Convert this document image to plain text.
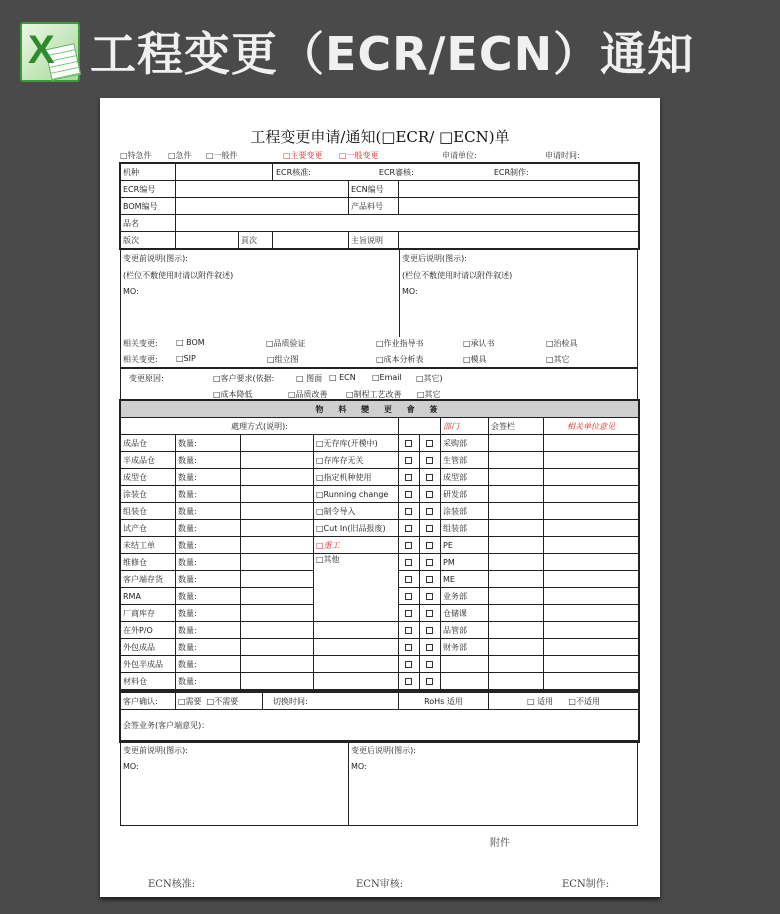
X 工程变更（ECR/ECN）通知
工程变更申请/通知(□ECR/ □ECN)单
□特急件 □急件 □一般件	□主要变更 □一般变更	申请单位:	申请时间:
机种			ECR核准: ECR審核: ECR制作:		
ECR编号				ECN编号	
BOM编号				产品料号	
品名					
版次		頁次		主旨说明	
变更前说明(图示):
(栏位不敷使用时请以附件叙述)
MO:
变更后说明(图示):
(栏位不敷使用时请以附件叙述)
MO:
相关变更:
相关变更:
□ BOM	□品质验证	□作业指导书	□承认书	□治检具
□SIP	□组立图	□成本分析表	□模具	□其它
变更原因:	□客户要求(依据:	□ 图面 □ ECN □Email □其它)
□成本降低	□品质改善 □制程工艺改善 □其它
物 料 變 更 會 簽								
處理方式(说明):						部门	会签栏	相关单位意见
成品仓	数量:		□无存库(开模中)			采购部		
半成品仓	数量:		□存库存无关			生管部		
成型仓	数量:		□指定机种使用			成型部		
涂装仓	数量:		□Running change			研发部		
组装仓	数量:		□制令导入			涂装部		
试产仓	数量:		□Cut In(旧品报废)			组装部		
未结工单	数量:		□重工			PE		
维修仓	数量:		□其他			PM		
客户端存货	数量:					ME		
RMA	数量:					业务部		
厂商库存	数量:					仓储课		
在外P/O	数量:					品管部		
外包成品	数量:					财务部		
外包半成品	数量:							
材料仓	数量:							
客户确认:	□需要 □不需要	切换时间:	RoHs 适用	□ 适用 □不适用
会签业务(客户端意见)：
变更前说明(图示):
MO:
变更后说明(图示):
MO:
附件
ECN核准:	ECN审核:	ECN制作:
